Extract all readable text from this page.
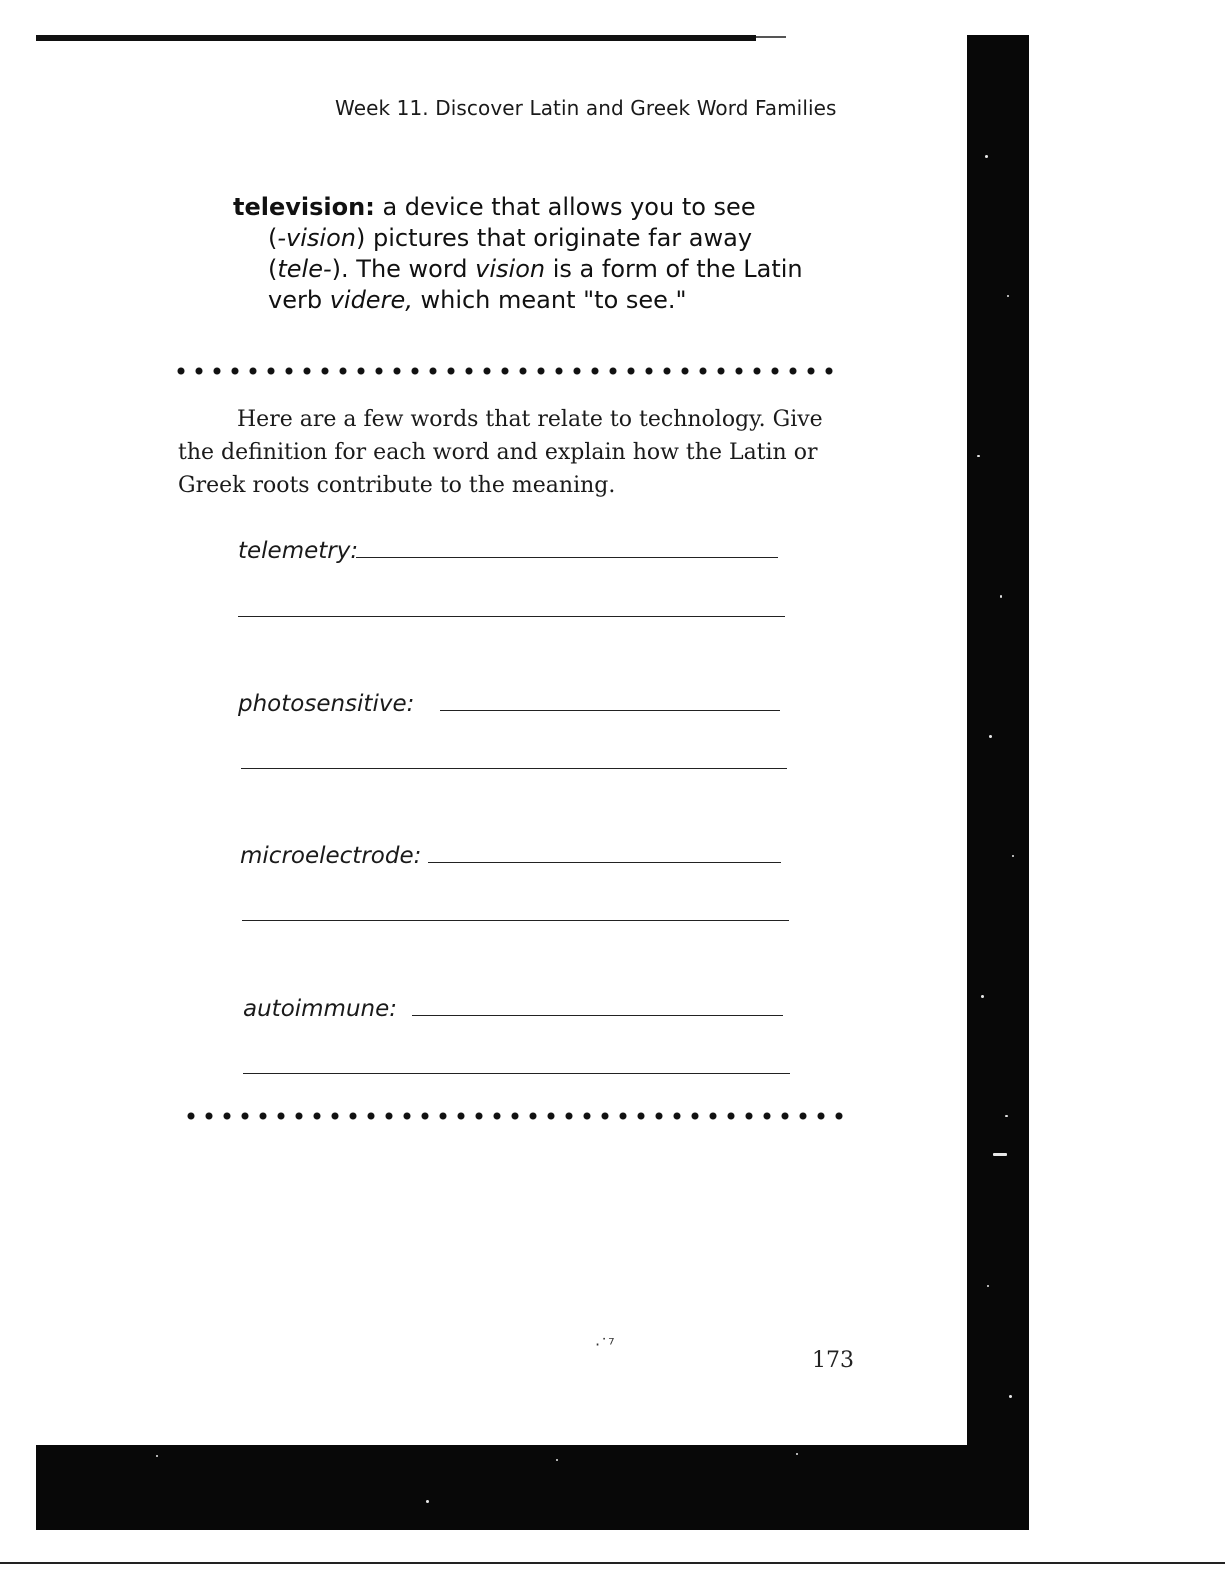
Week 11. Discover Latin and Greek Word Families
television: a device that allows you to see
(-vision) pictures that originate far away
(tele-). The word vision is a form of the Latin
verb videre, which meant "to see."
Here are a few words that relate to technology. Give
the definition for each word and explain how the Latin or
Greek roots contribute to the meaning.
telemetry:
photosensitive:
microelectrode:
autoimmune:
·˙⁷
173
